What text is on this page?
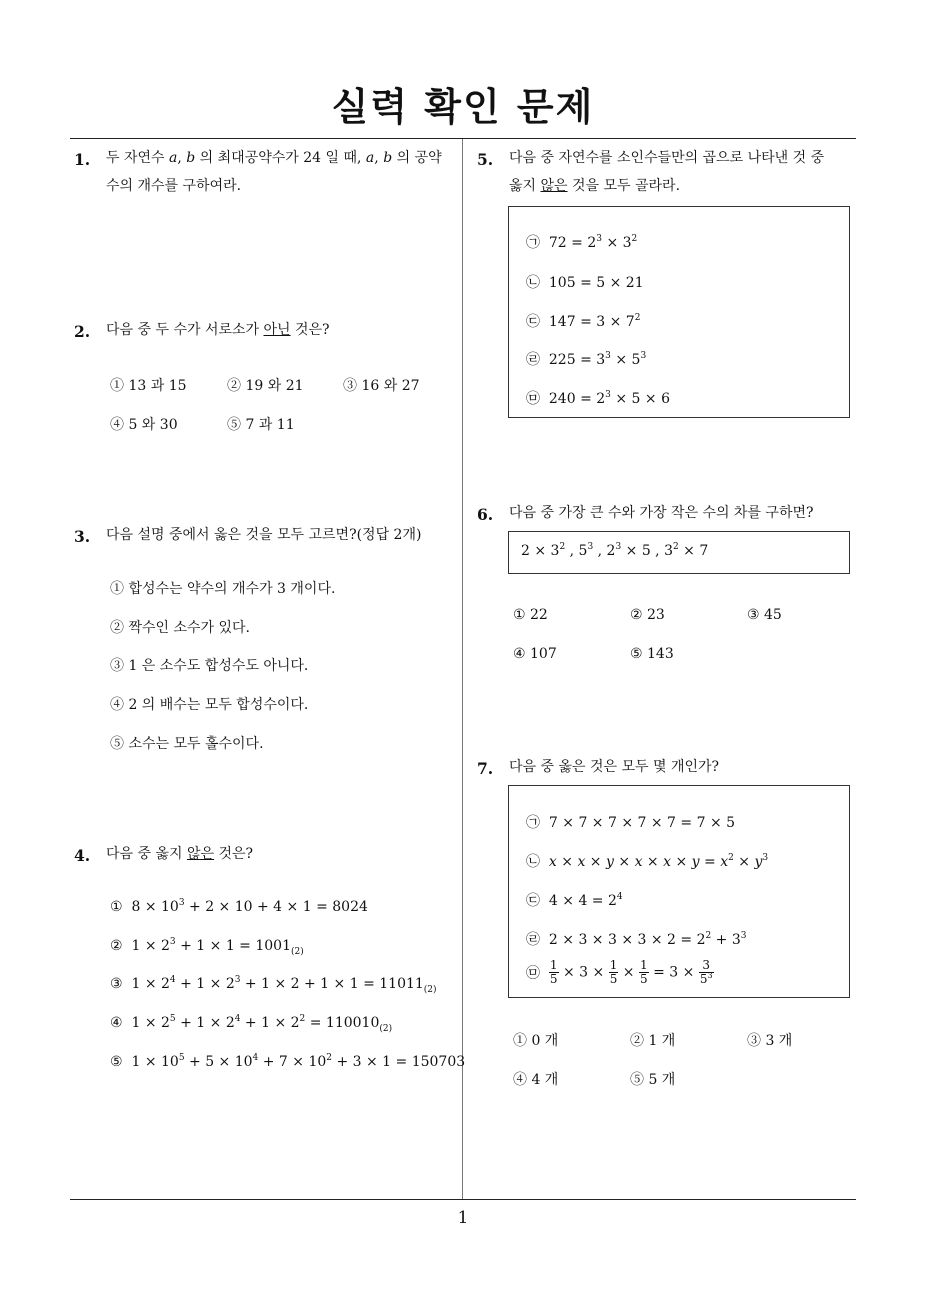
실력 확인 문제
1
1. 두 자연수 a, b 의 최대공약수가 24 일 때, a, b 의 공약
수의 개수를 구하여라.
2. 다음 중 두 수가 서로소가 아닌 것은?
① 13 과 15	② 19 와 21	③ 16 와 27
④ 5 와 30	⑤ 7 과 11
3. 다음 설명 중에서 옳은 것을 모두 고르면?(정답 2개)
① 합성수는 약수의 개수가 3 개이다.
② 짝수인 소수가 있다.
③ 1 은 소수도 합성수도 아니다.
④ 2 의 배수는 모두 합성수이다.
⑤ 소수는 모두 홀수이다.
4. 다음 중 옳지 않은 것은?
①  $8 \times 10^3 + 2 \times 10 + 4 \times 1 = 8024$
②  $1 \times 2^3 + 1 \times 1 = 1001_{(2)}$
③  $1 \times 2^4 + 1 \times 2^3 + 1 \times 2 + 1 \times 1 = 11011_{(2)}$
④  $1 \times 2^5 + 1 \times 2^4 + 1 \times 2^2 = 110010_{(2)}$
⑤  $1 \times 10^5 + 5 \times 10^4 + 7 \times 10^2 + 3 \times 1 = 150703$
5. 다음 중 자연수를 소인수들만의 곱으로 나타낸 것 중
옳지 않은 것을 모두 골라라.
㉠  $72 = 2^3 \times 3^2$
㉡  105 = 5 × 21
㉢  $147 = 3 \times 7^2$
㉣  $225 = 3^3 \times 5^3$
㉤  $240 = 2^3 \times 5 \times 6$
6. 다음 중 가장 큰 수와 가장 작은 수의 차를 구하면?
$2 \times 3^2$ , $5^3$ , $2^3 \times 5$ , $3^2 \times 7$
① 22	② 23	③ 45
④ 107	⑤ 143
7. 다음 중 옳은 것은 모두 몇 개인가?
㉠  7 × 7 × 7 × 7 × 7 = 7 × 5
㉡ $x \times x \times y \times x \times x \times y = x^2 \times y^3$
㉢  $4 \times 4 = 2^4$
㉣  $2 \times 3 \times 3 \times 3 \times 2 = 2^2 + 3^3$
㉤ $\frac{1}{5} \times 3 \times \frac{1}{5} \times \frac{1}{5} = 3 \times \frac{3}{5^3}$
① 0 개	② 1 개	③ 3 개
④ 4 개	⑤ 5 개
